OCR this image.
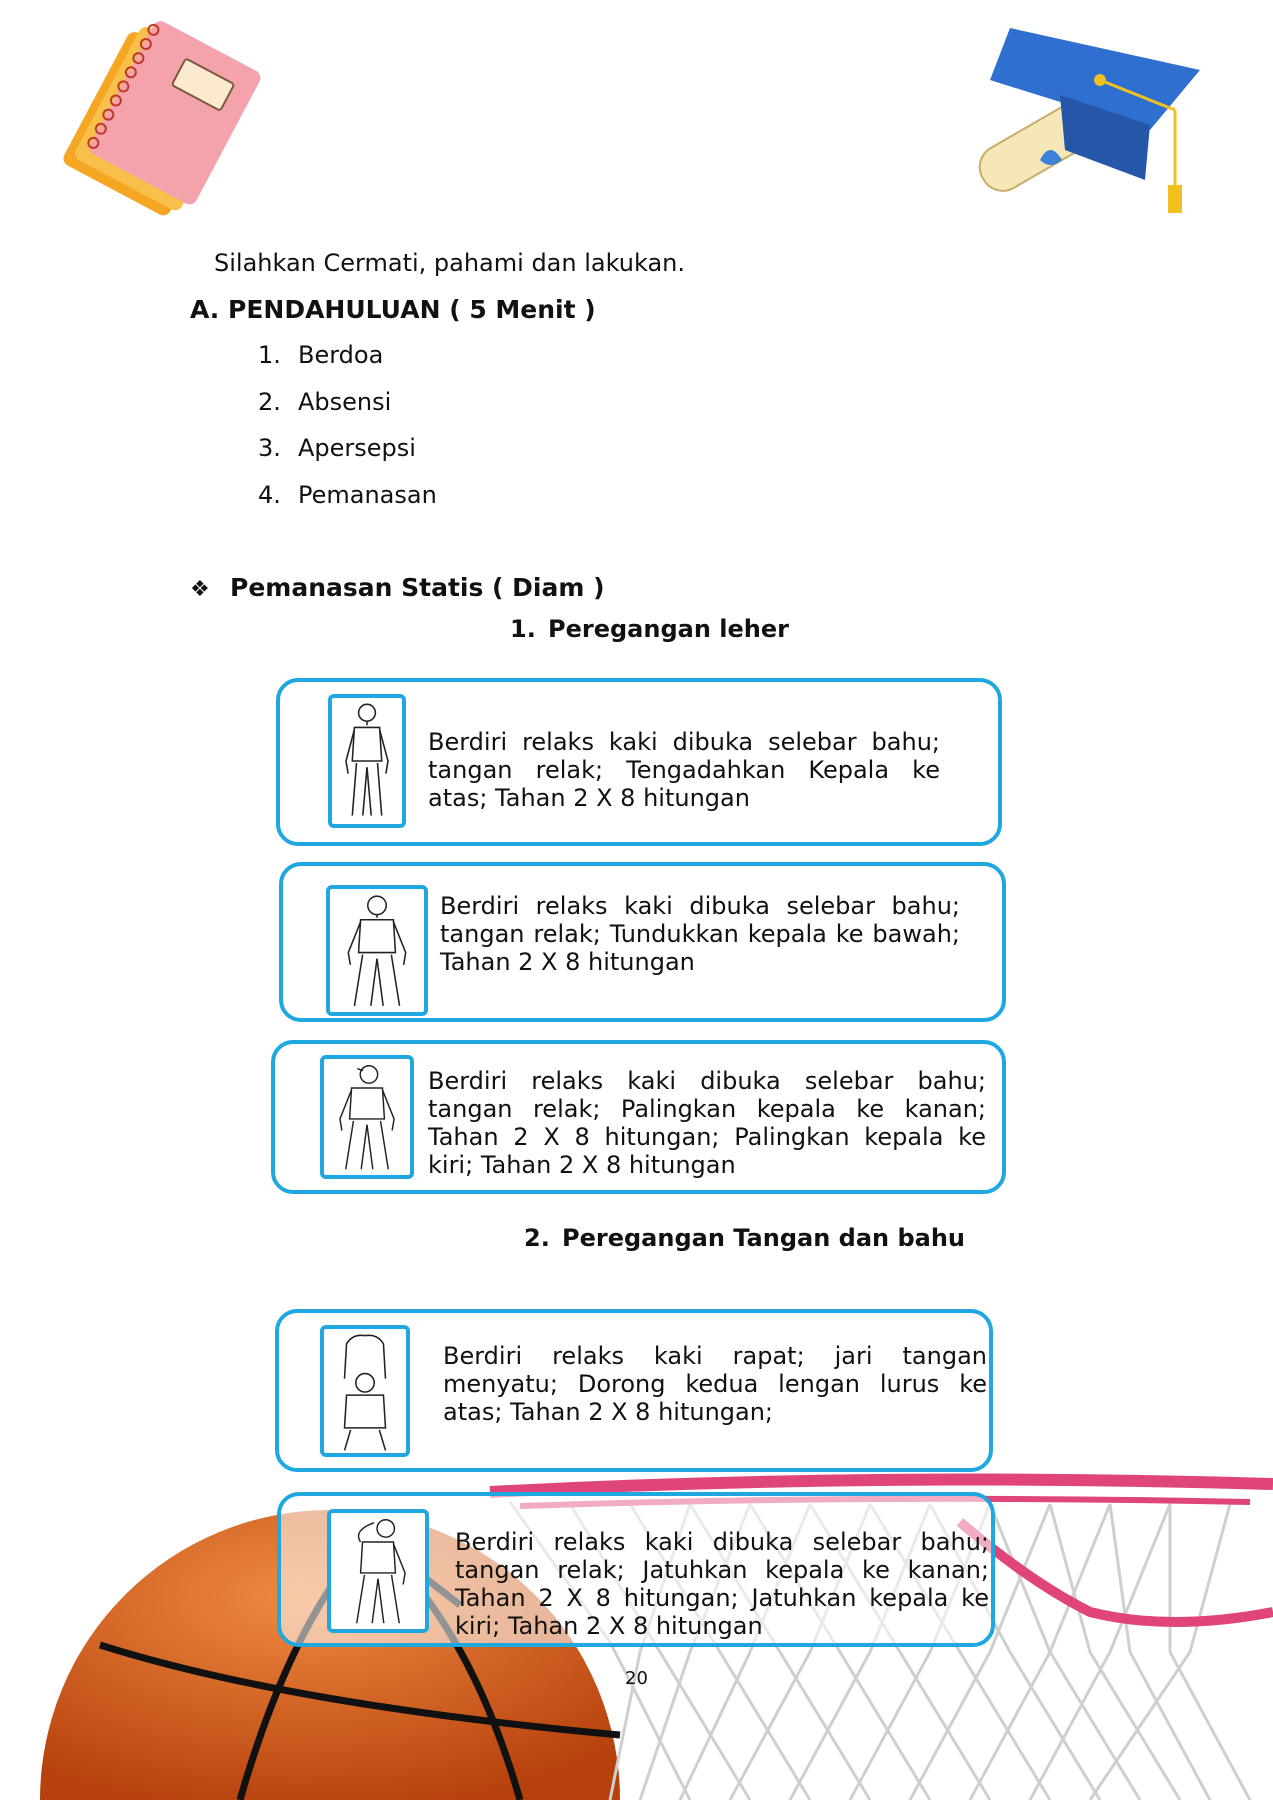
Silahkan Cermati, pahami dan lakukan.
A. PENDAHULUAN ( 5 Menit )
1. Berdoa
2. Absensi
3. Apersepsi
4. Pemanasan
❖ Pemanasan Statis ( Diam )
1. Peregangan leher
Berdiri relaks kaki dibuka selebar bahu; tangan relak; Tengadahkan Kepala ke atas; Tahan 2 X 8 hitungan
Berdiri relaks kaki dibuka selebar bahu; tangan relak; Tundukkan kepala ke bawah; Tahan 2 X 8 hitungan
Berdiri relaks kaki dibuka selebar bahu; tangan relak; Palingkan kepala ke kanan; Tahan 2 X 8 hitungan; Palingkan kepala ke kiri; Tahan 2 X 8 hitungan
2. Peregangan Tangan dan bahu
Berdiri relaks kaki rapat; jari tangan menyatu; Dorong kedua lengan lurus ke atas; Tahan 2 X 8 hitungan;
Berdiri relaks kaki dibuka selebar bahu; tangan relak; Jatuhkan kepala ke kanan; Tahan 2 X 8 hitungan; Jatuhkan kepala ke kiri; Tahan 2 X 8 hitungan
20
